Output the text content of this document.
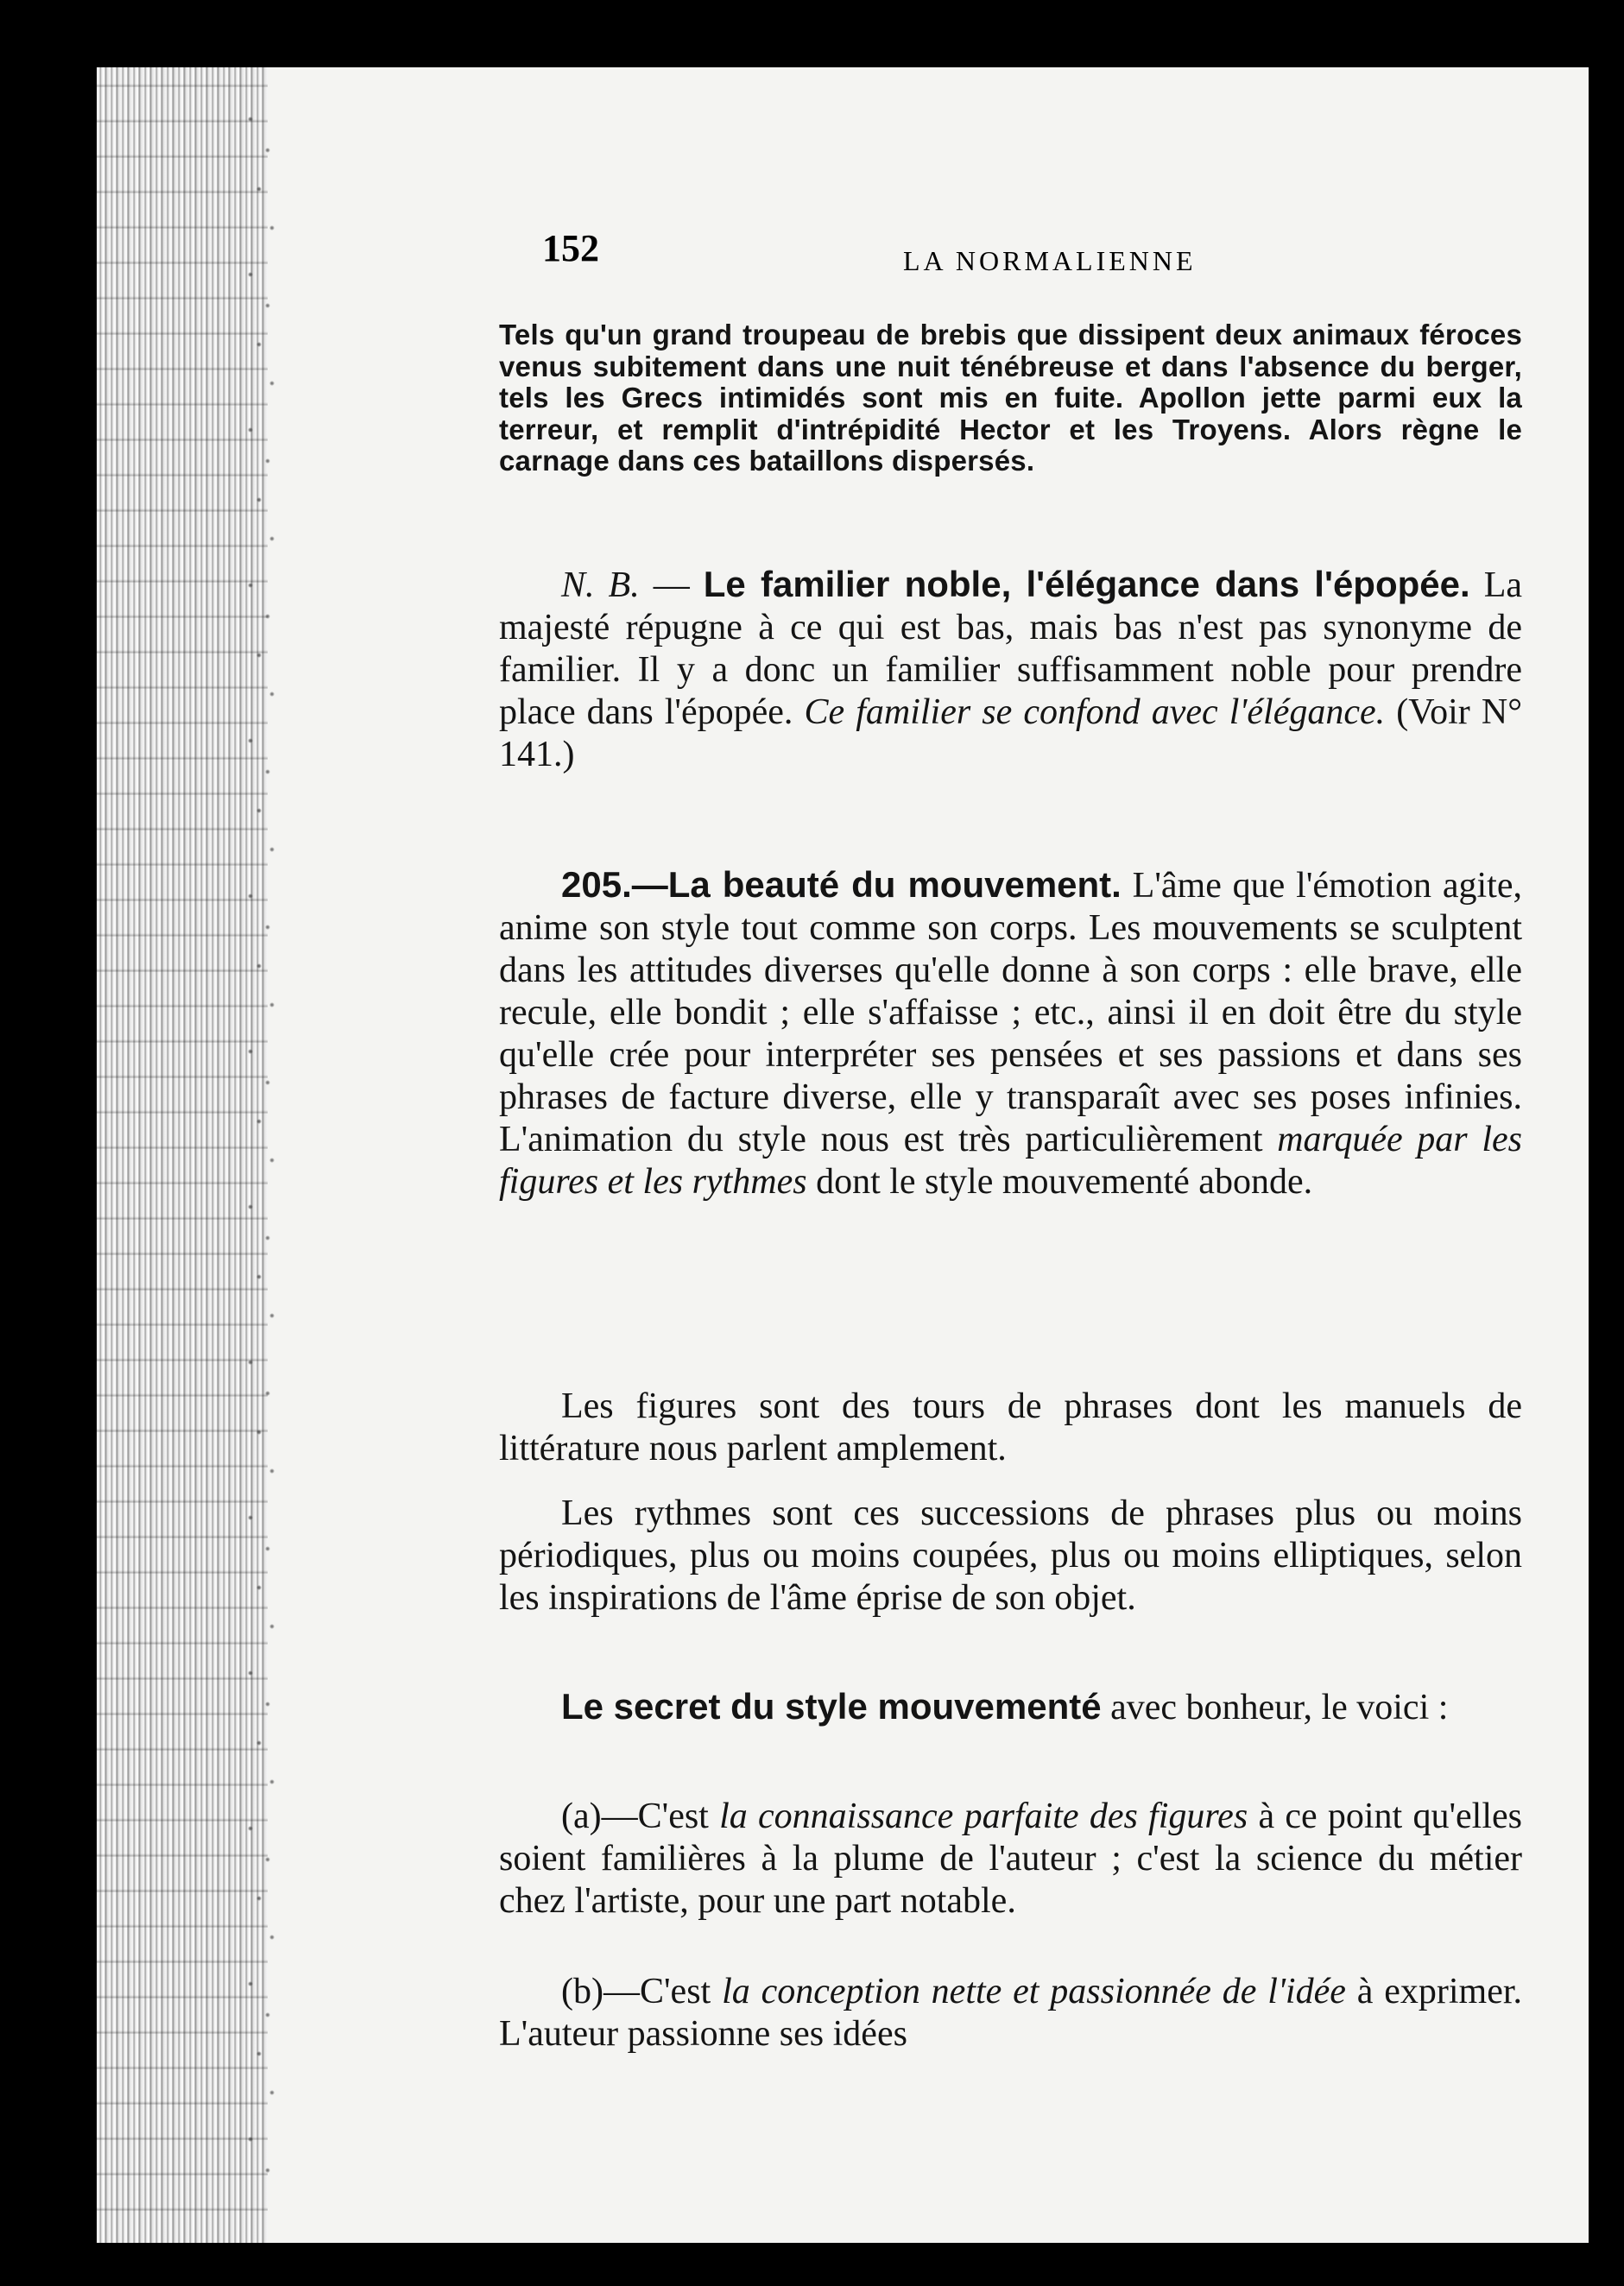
152	LA NORMALIENNE
Tels qu'un grand troupeau de brebis que dissipent deux animaux féroces venus subitement dans une nuit ténébreuse et dans l'absence du berger, tels les Grecs intimidés sont mis en fuite. Apollon jette parmi eux la terreur, et remplit d'intrépidité Hector et les Troyens. Alors règne le carnage dans ces bataillons dispersés.

N. B. — Le familier noble, l'élégance dans l'épopée. La majesté répugne à ce qui est bas, mais bas n'est pas synonyme de familier. Il y a donc un familier suffisamment noble pour prendre place dans l'épopée. Ce familier se confond avec l'élégance. (Voir N° 141.)

205.—La beauté du mouvement. L'âme que l'émotion agite, anime son style tout comme son corps. Les mouvements se sculptent dans les attitudes diverses qu'elle donne à son corps : elle brave, elle recule, elle bondit ; elle s'affaisse ; etc., ainsi il en doit être du style qu'elle crée pour interpréter ses pensées et ses passions et dans ses phrases de facture diverse, elle y transparaît avec ses poses infinies. L'animation du style nous est très particulièrement marquée par les figures et les rythmes dont le style mouvementé abonde.

Les figures sont des tours de phrases dont les manuels de littérature nous parlent amplement.

Les rythmes sont ces successions de phrases plus ou moins périodiques, plus ou moins coupées, plus ou moins elliptiques, selon les inspirations de l'âme éprise de son objet.

Le secret du style mouvementé avec bonheur, le voici :

(a)—C'est la connaissance parfaite des figures à ce point qu'elles soient familières à la plume de l'auteur ; c'est la science du métier chez l'artiste, pour une part notable.

(b)—C'est la conception nette et passionnée de l'idée à exprimer. L'auteur passionne ses idées
